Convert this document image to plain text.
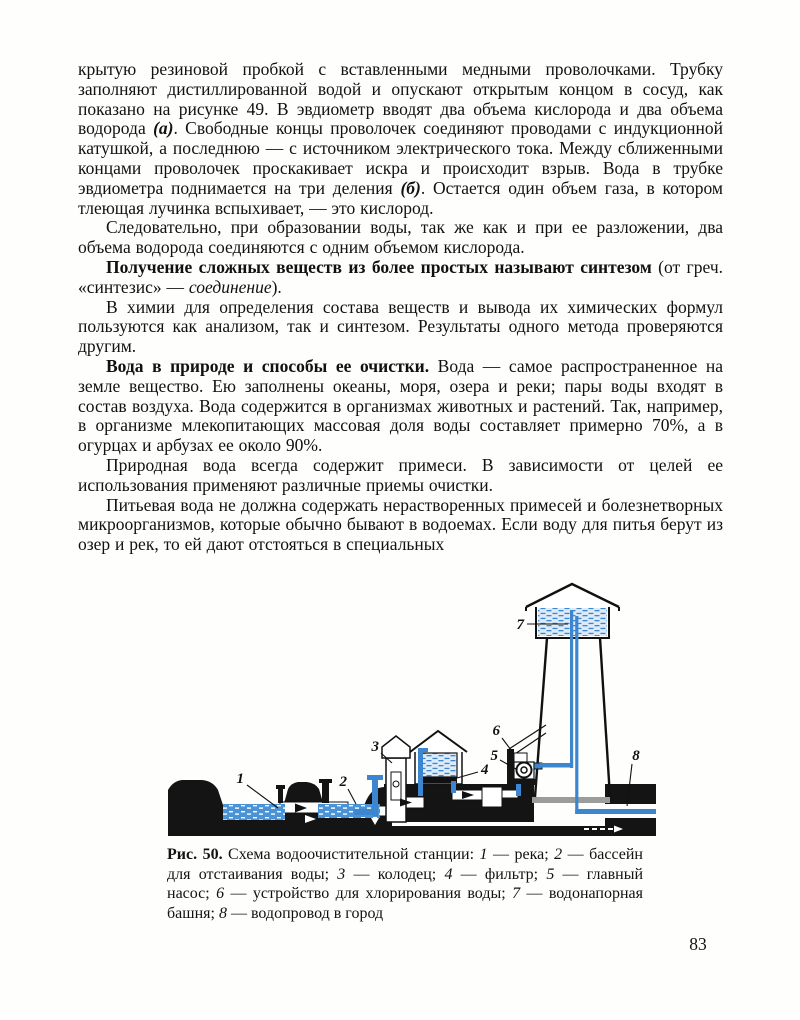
крытую резиновой пробкой с вставленными медными проволочками. Трубку заполняют дистиллированной водой и опускают открытым концом в сосуд, как показано на рисунке 49. В эвдиометр вводят два объема кислорода и два объема водорода (а). Свободные концы проволочек соединяют проводами с индукционной катушкой, а последнюю — с источником электрического тока. Между сближенными концами проволочек проскакивает искра и происходит взрыв. Вода в трубке эвдиометра поднимается на три деления (б). Остается один объем газа, в котором тлеющая лучинка вспыхивает, — это кислород.

Следовательно, при образовании воды, так же как и при ее разложении, два объема водорода соединяются с одним объемом кислорода.

Получение сложных веществ из более простых называют синтезом (от греч. «синтезис» — соединение).

В химии для определения состава веществ и вывода их химических формул пользуются как анализом, так и синтезом. Результаты одного метода проверяются другим.

Вода в природе и способы ее очистки. Вода — самое распространенное на земле вещество. Ею заполнены океаны, моря, озера и реки; пары воды входят в состав воздуха. Вода содержится в организмах животных и растений. Так, например, в организме млекопитающих массовая доля воды составляет примерно 70%, а в огурцах и арбузах ее около 90%.

Природная вода всегда содержит примеси. В зависимости от целей ее использования применяют различные приемы очистки.

Питьевая вода не должна содержать нерастворенных примесей и болезнетворных микроорганизмов, которые обычно бывают в водоемах. Если воду для питья берут из озер и рек, то ей дают отстояться в специальных

1	2
3
4
5
6
7
8
Рис. 50. Схема водоочистительной станции: 1 — река; 2 — бассейн для отстаивания воды; 3 — колодец; 4 — фильтр; 5 — главный насос; 6 — устройство для хлорирования воды; 7 — водонапорная башня; 8 — водопровод в город
83
